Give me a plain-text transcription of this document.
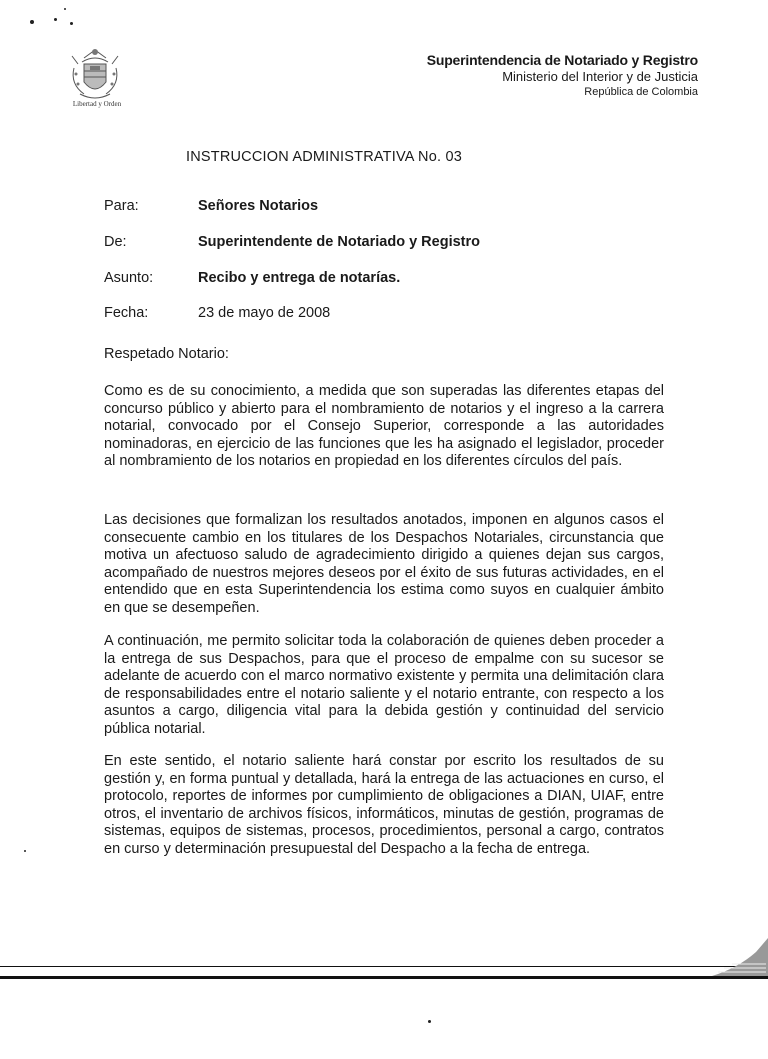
Libertad y Orden
Superintendencia de Notariado y Registro
Ministerio del Interior y de Justicia
República de Colombia
INSTRUCCION ADMINISTRATIVA No. 03
Para:	Señores Notarios
De:	Superintendente de Notariado y Registro
Asunto:	Recibo y entrega de notarías.
Fecha:	23 de mayo de 2008
Respetado Notario:

Como es de su conocimiento, a medida que son superadas las diferentes etapas del concurso público y abierto para el nombramiento de notarios y el ingreso a la carrera notarial, convocado por el Consejo Superior, corresponde a las autoridades nominadoras, en ejercicio de las funciones que les ha asignado el legislador, proceder al nombramiento de los notarios en propiedad en los diferentes círculos del país.

Las decisiones que formalizan los resultados anotados, imponen en algunos casos el consecuente cambio en los titulares de los Despachos Notariales, circunstancia que motiva un afectuoso saludo de agradecimiento dirigido a quienes dejan sus cargos, acompañado de nuestros mejores deseos por el éxito de sus futuras actividades, en el entendido que en esta Superintendencia los estima como suyos en cualquier ámbito en que se desempeñen.

A continuación, me permito solicitar toda la colaboración de quienes deben proceder a la entrega de sus Despachos, para que el proceso de empalme con su sucesor se adelante de acuerdo con el marco normativo existente y permita una delimitación clara de responsabilidades entre el notario saliente y el notario entrante, con respecto a los asuntos a cargo, diligencia vital para la debida gestión y continuidad del servicio pública notarial.

En este sentido, el notario saliente hará constar por escrito los resultados de su gestión y, en forma puntual y detallada, hará la entrega de las actuaciones en curso, el protocolo, reportes de informes por cumplimiento de obligaciones a DIAN, UIAF, entre otros, el inventario de archivos físicos, informáticos, minutas de gestión, programas de sistemas, equipos de sistemas, procesos, procedimientos, personal a cargo, contratos en curso y determinación presupuestal del Despacho a la fecha de entrega.
